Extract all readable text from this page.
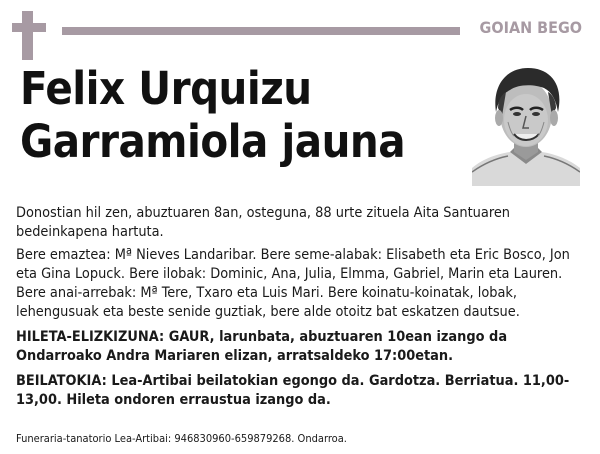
GOIAN BEGO
Felix Urquizu
Garramiola jauna

Donostian hil zen, abuztuaren 8an, osteguna, 88 urte zituela Aita Santuaren bedeinkapena hartuta.

Bere emaztea: Mª Nieves Landaribar. Bere seme-alabak: Elisabeth eta Eric Bosco, Jon eta Gina Lopuck. Bere ilobak: Dominic, Ana, Julia, Elmma, Gabriel, Marin eta Lauren. Bere anai-arrebak: Mª Tere, Txaro eta Luis Mari. Bere koinatu-koinatak, lobak, lehengusuak eta beste senide guztiak, bere alde otoitz bat eskatzen dautsue.

HILETA-ELIZKIZUNA: GAUR, larunbata, abuztuaren 10ean izango da Ondarroako Andra Mariaren elizan, arratsaldeko 17:00etan.

BEILATOKIA: Lea-Artibai beilatokian egongo da. Gardotza. Berriatua. 11,00-13,00. Hileta ondoren erraustua izango da.

Funeraria-tanatorio Lea-Artibai: 946830960-659879268. Ondarroa.
